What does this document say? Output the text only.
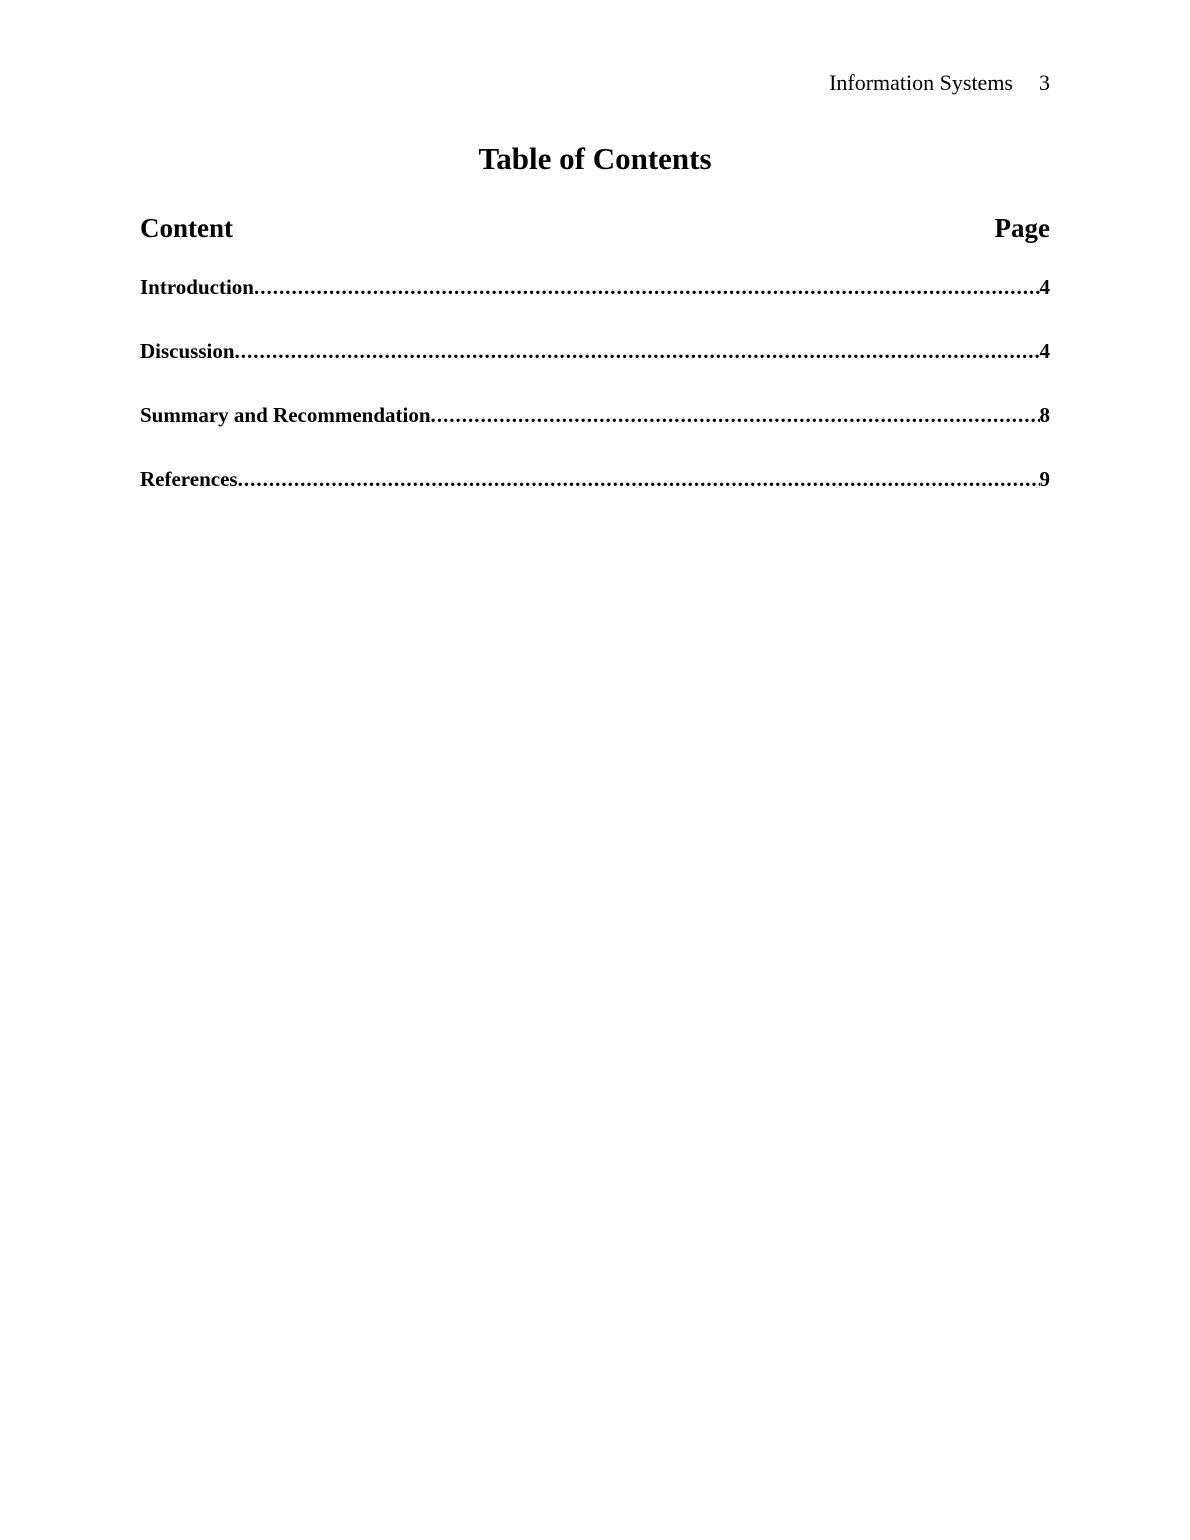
Information Systems 3
Table of Contents
Content	Page
Introduction .....	4
Discussion .....	4
Summary and Recommendation .....	8
References .....	9
